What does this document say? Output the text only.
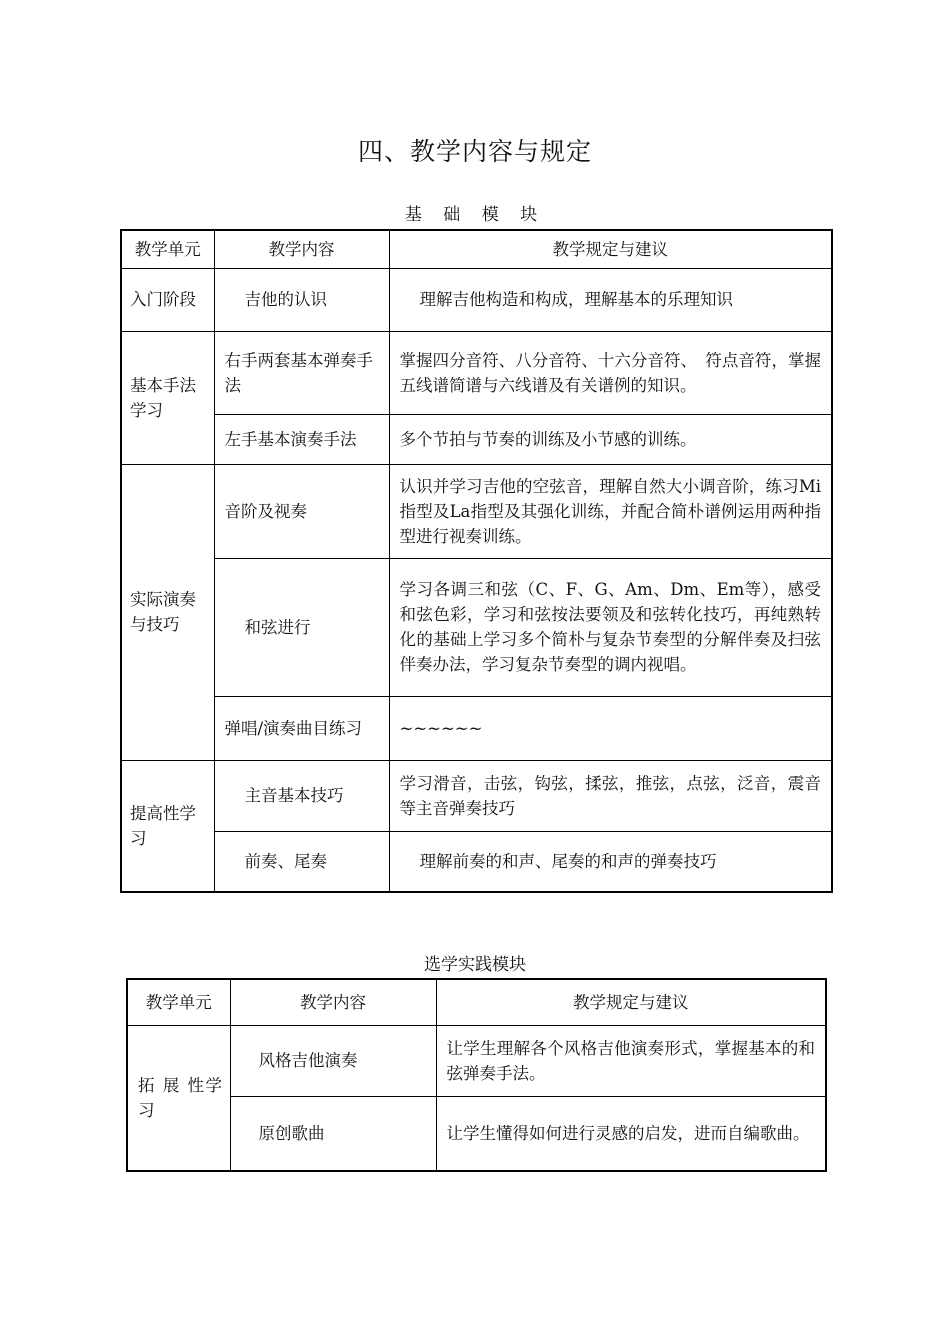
四、教学内容与规定
基 础 模 块
教学单元	教学内容	教学规定与建议
入门阶段	吉他的认识	理解吉他构造和构成，理解基本的乐理知识
基本手法学习	右手两套基本弹奏手法	掌握四分音符、八分音符、十六分音符、　符点音符，掌握五线谱简谱与六线谱及有关谱例的知识。
	左手基本演奏手法	多个节拍与节奏的训练及小节感的训练。
实际演奏与技巧	音阶及视奏	认识并学习吉他的空弦音，理解自然大小调音阶，练习Mi指型及La指型及其强化训练，并配合简朴谱例运用两种指型进行视奏训练。
	和弦进行	学习各调三和弦（C、F、G、Am、Dm、Em等），感受和弦色彩，学习和弦按法要领及和弦转化技巧，再纯熟转化的基础上学习多个简朴与复杂节奏型的分解伴奏及扫弦伴奏办法，学习复杂节奏型的调内视唱。
	弹唱/演奏曲目练习	~~~~~~
提高性学习	主音基本技巧	学习滑音，击弦，钩弦，揉弦，推弦，点弦，泛音，震音等主音弹奏技巧
	前奏、尾奏	理解前奏的和声、尾奏的和声的弹奏技巧
选学实践模块
教学单元	教学内容	教学规定与建议

拓 展 性学习	风格吉他演奏	让学生理解各个风格吉他演奏形式，掌握基本的和弦弹奏手法。
	原创歌曲	让学生懂得如何进行灵感的启发，进而自编歌曲。
